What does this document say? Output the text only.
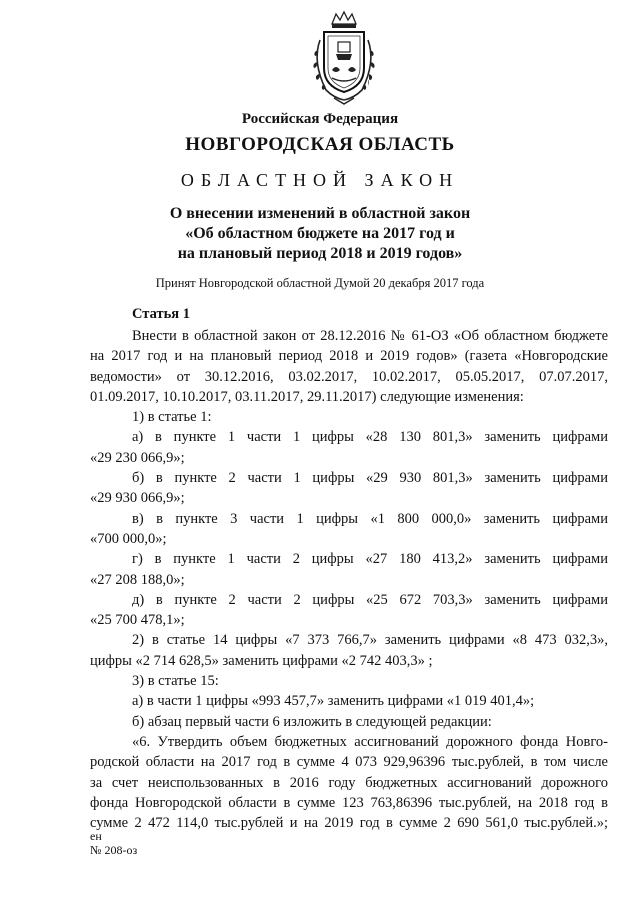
Российская Федерация
НОВГОРОДСКАЯ ОБЛАСТЬ
ОБЛАСТНОЙ ЗАКОН
О внесении изменений в областной закон
«Об областном бюджете на 2017 год и
на плановый период 2018 и 2019 годов»
Принят Новгородской областной Думой 20 декабря 2017 года
Статья 1
Внести в областной закон от 28.12.2016 № 61-ОЗ «Об областном бюджете
на 2017 год и на плановый период 2018 и 2019 годов» (газета «Новгородские
ведомости» от 30.12.2016, 03.02.2017, 10.02.2017, 05.05.2017, 07.07.2017,
01.09.2017, 10.10.2017, 03.11.2017, 29.11.2017) следующие изменения:
1) в статье 1:
а) в пункте 1 части 1 цифры «28 130 801,3» заменить цифрами
«29 230 066,9»;
б) в пункте 2 части 1 цифры «29 930 801,3» заменить цифрами
«29 930 066,9»;
в) в пункте 3 части 1 цифры «1 800 000,0» заменить цифрами
«700 000,0»;
г) в пункте 1 части 2 цифры «27 180 413,2» заменить цифрами
«27 208 188,0»;
д) в пункте 2 части 2 цифры «25 672 703,3» заменить цифрами
«25 700 478,1»;
2) в статье 14 цифры «7 373 766,7» заменить цифрами «8 473 032,3»,
цифры «2 714 628,5» заменить цифрами «2 742 403,3» ;
3) в статье 15:
а) в части 1 цифры «993 457,7» заменить цифрами «1 019 401,4»;
б) абзац первый части 6 изложить в следующей редакции:
«6. Утвердить объем бюджетных ассигнований дорожного фонда Новго-
родской области на 2017 год в сумме 4 073 929,96396 тыс.рублей, в том числе
за счет неиспользованных в 2016 году бюджетных ассигнований дорожного
фонда Новгородской области в сумме 123 763,86396 тыс.рублей, на 2018 год в
сумме 2 472 114,0 тыс.рублей и на 2019 год в сумме 2 690 561,0 тыс.рублей.»;
ен
№ 208-оз
